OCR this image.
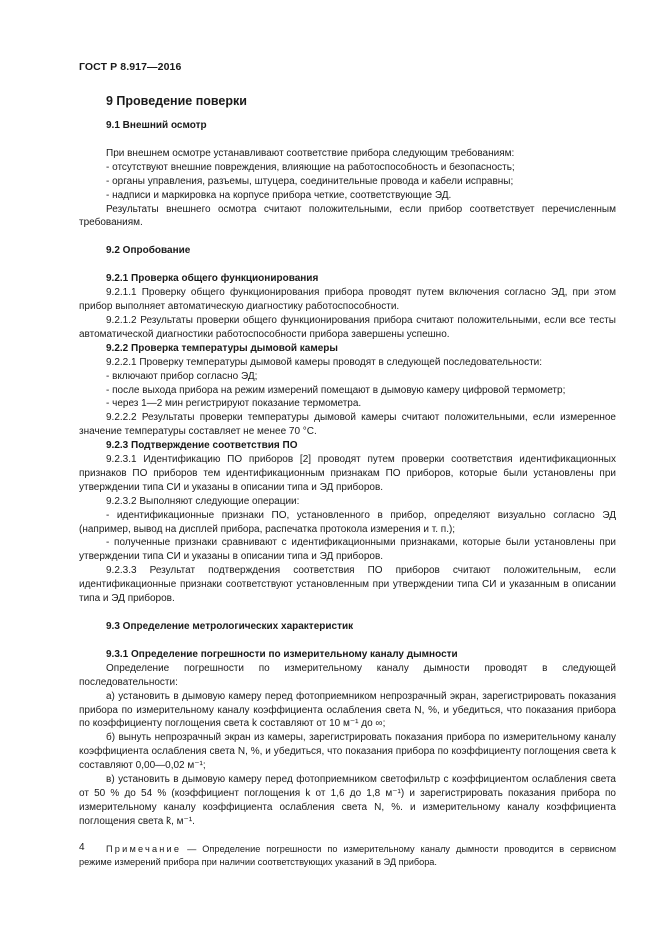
ГОСТ Р 8.917—2016

9 Проведение поверки

9.1 Внешний осмотр

При внешнем осмотре устанавливают соответствие прибора следующим требованиям:

- отсутствуют внешние повреждения, влияющие на работоспособность и безопасность;

- органы управления, разъемы, штуцера, соединительные провода и кабели исправны;

- надписи и маркировка на корпусе прибора четкие, соответствующие ЭД.

Результаты внешнего осмотра считают положительными, если прибор соответствует перечисленным требованиям.

9.2 Опробование

9.2.1 Проверка общего функционирования

9.2.1.1 Проверку общего функционирования прибора проводят путем включения согласно ЭД, при этом прибор выполняет автоматическую диагностику работоспособности.

9.2.1.2 Результаты проверки общего функционирования прибора считают положительными, если все тесты автоматической диагностики работоспособности прибора завершены успешно.

9.2.2 Проверка температуры дымовой камеры

9.2.2.1 Проверку температуры дымовой камеры проводят в следующей последовательности:

- включают прибор согласно ЭД;

- после выхода прибора на режим измерений помещают в дымовую камеру цифровой термометр;

- через 1—2 мин регистрируют показание термометра.

9.2.2.2 Результаты проверки температуры дымовой камеры считают положительными, если измеренное значение температуры составляет не менее 70 °С.

9.2.3 Подтверждение соответствия ПО

9.2.3.1 Идентификацию ПО приборов [2] проводят путем проверки соответствия идентификационных признаков ПО приборов тем идентификационным признакам ПО приборов, которые были установлены при утверждении типа СИ и указаны в описании типа и ЭД приборов.

9.2.3.2 Выполняют следующие операции:

- идентификационные признаки ПО, установленного в прибор, определяют визуально согласно ЭД (например, вывод на дисплей прибора, распечатка протокола измерения и т. п.);

- полученные признаки сравнивают с идентификационными признаками, которые были установлены при утверждении типа СИ и указаны в описании типа и ЭД приборов.

9.2.3.3 Результат подтверждения соответствия ПО приборов считают положительным, если идентификационные признаки соответствуют установленным при утверждении типа СИ и указанным в описании типа и ЭД приборов.

9.3 Определение метрологических характеристик

9.3.1 Определение погрешности по измерительному каналу дымности

Определение погрешности по измерительному каналу дымности проводят в следующей последовательности:

а) установить в дымовую камеру перед фотоприемником непрозрачный экран, зарегистрировать показания прибора по измерительному каналу коэффициента ослабления света N, %, и убедиться, что показания прибора по коэффициенту поглощения света k составляют от 10 м⁻¹ до ∞;

б) вынуть непрозрачный экран из камеры, зарегистрировать показания прибора по измерительному каналу коэффициента ослабления света N, %, и убедиться, что показания прибора по коэффициенту поглощения света k составляют 0,00—0,02 м⁻¹;

в) установить в дымовую камеру перед фотоприемником светофильтр с коэффициентом ослабления света от 50 % до 54 % (коэффициент поглощения k от 1,6 до 1,8 м⁻¹) и зарегистрировать показания прибора по измерительному каналу коэффициента ослабления света N, %. и измерительному каналу коэффициента поглощения света k̄, м⁻¹.

Примечание — Определение погрешности по измерительному каналу дымности проводится в сервисном режиме измерений прибора при наличии соответствующих указаний в ЭД прибора.

4
